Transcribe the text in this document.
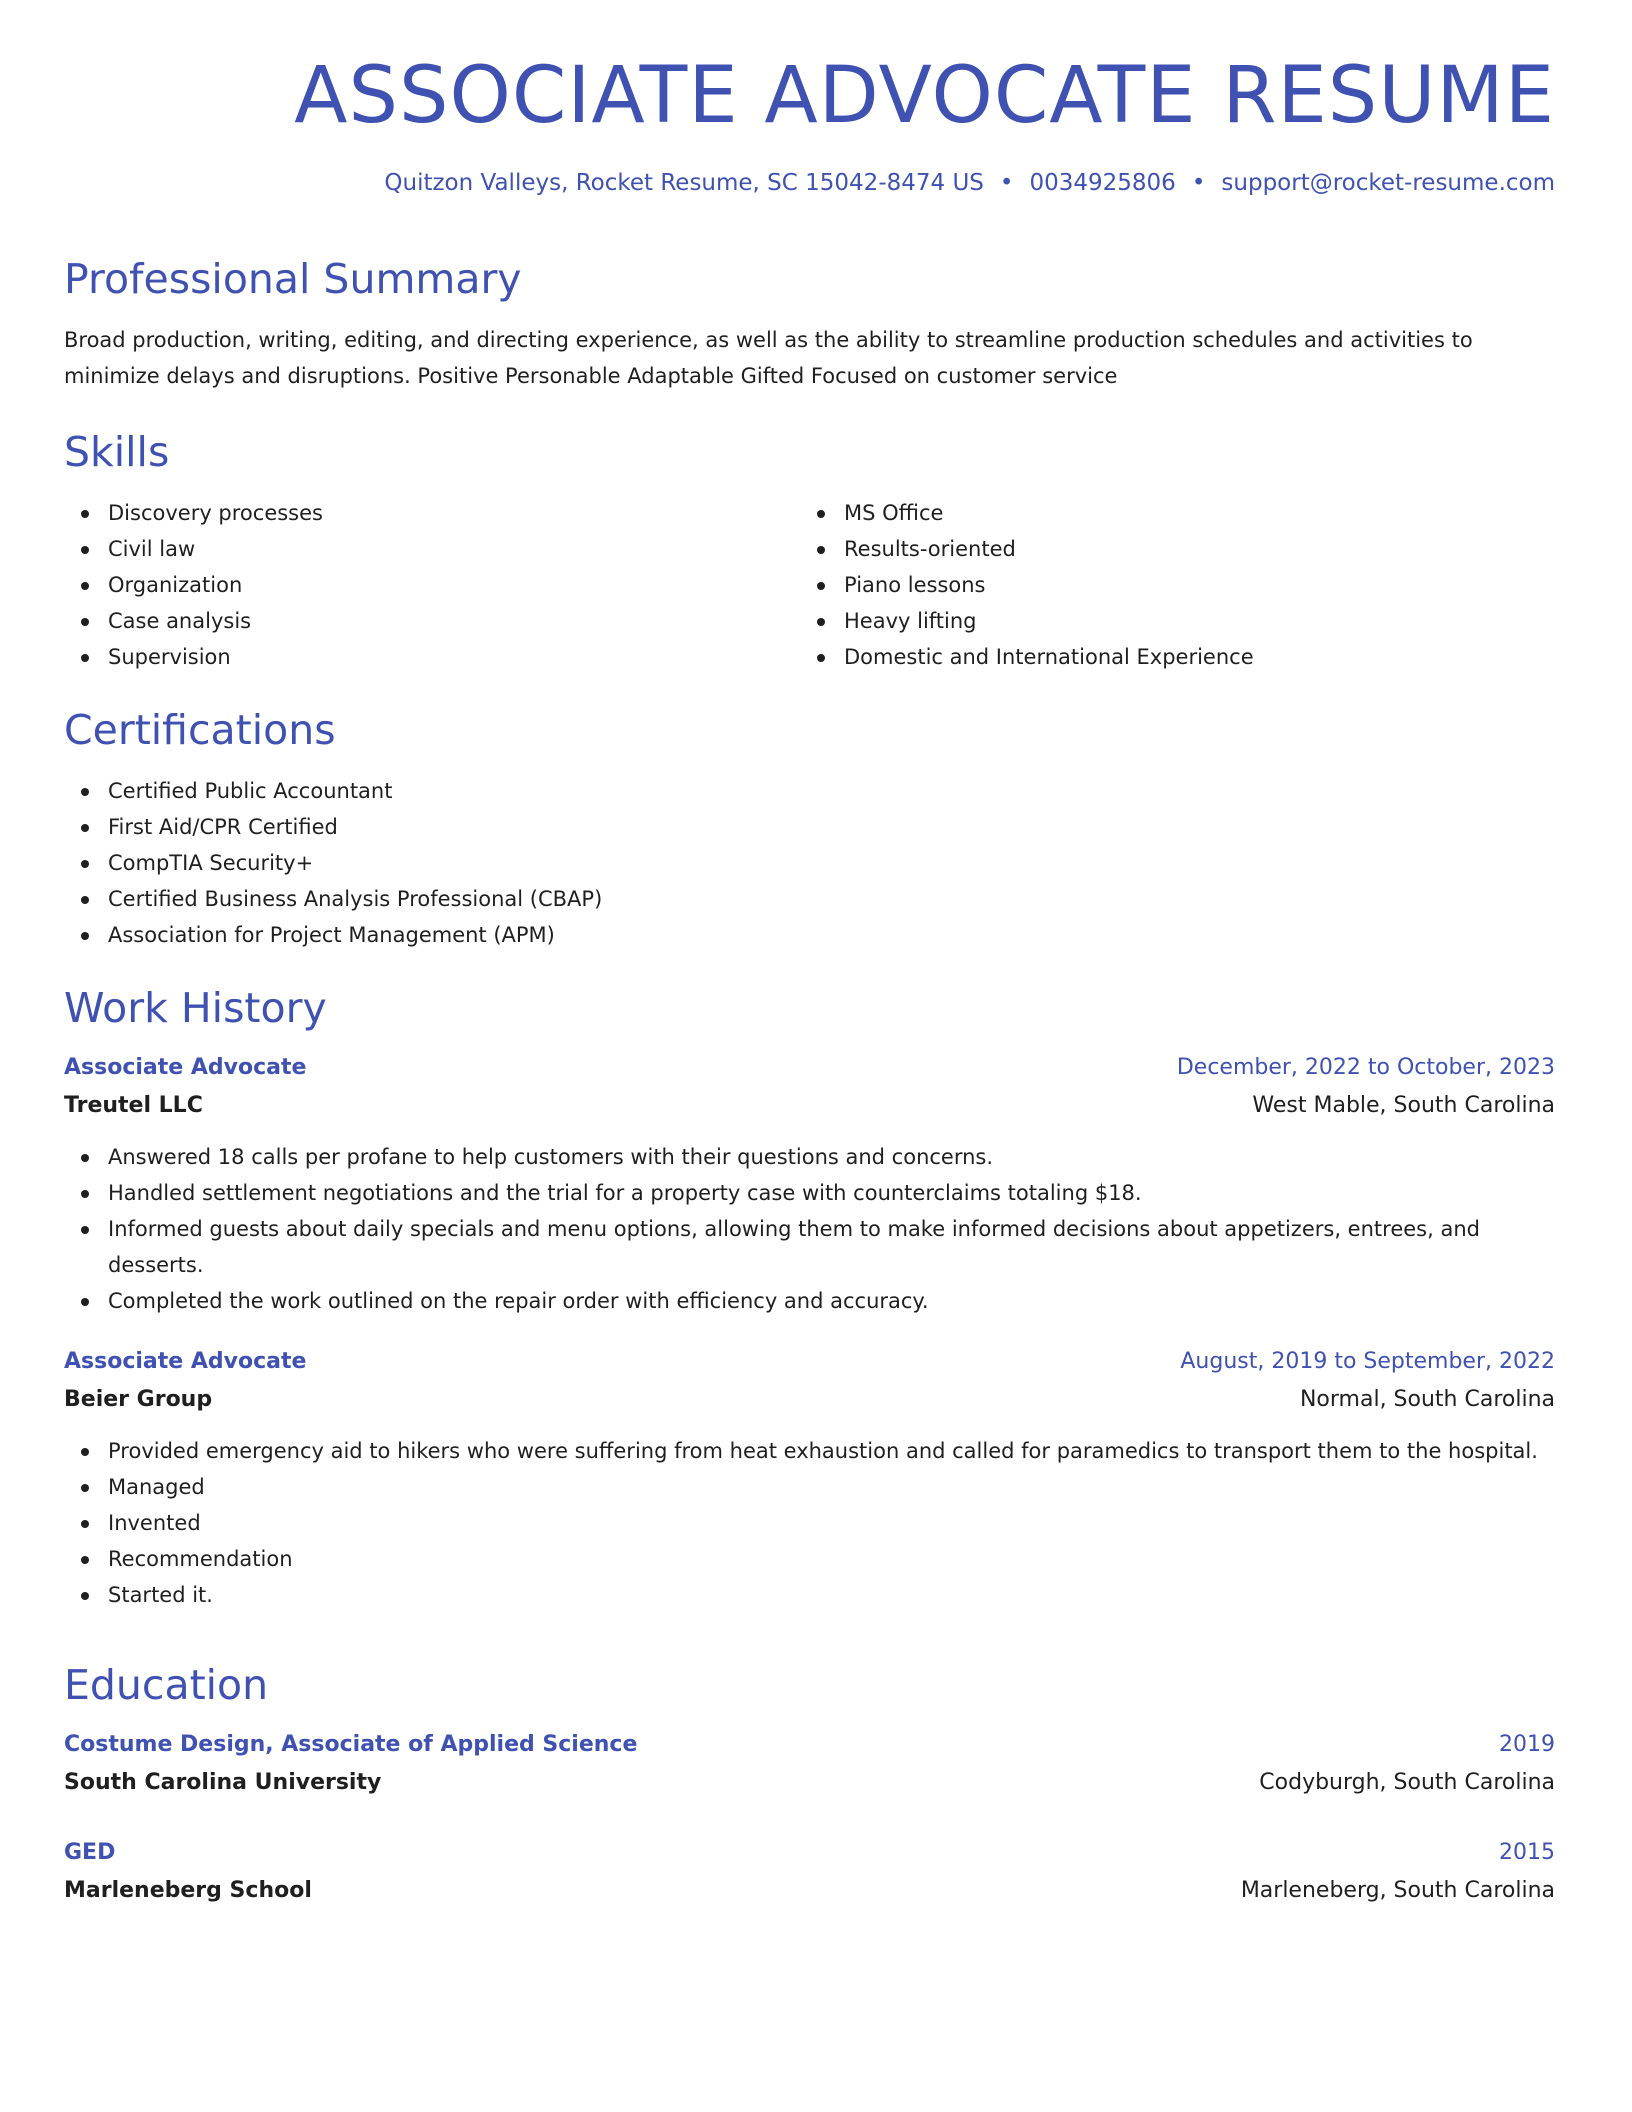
ASSOCIATE ADVOCATE RESUME
Quitzon Valleys, Rocket Resume, SC 15042-8474 US • 0034925806 • support@rocket-resume.com
Professional Summary
Broad production, writing, editing, and directing experience, as well as the ability to streamline production schedules and activities to minimize delays and disruptions. Positive Personable Adaptable Gifted Focused on customer service
Skills
Discovery processes
Civil law
Organization
Case analysis
Supervision
MS Office
Results-oriented
Piano lessons
Heavy lifting
Domestic and International Experience
Certifications
Certified Public Accountant
First Aid/CPR Certified
CompTIA Security+
Certified Business Analysis Professional (CBAP)
Association for Project Management (APM)
Work History
Associate Advocate	December, 2022 to October, 2023
Treutel LLC	West Mable, South Carolina
Answered 18 calls per profane to help customers with their questions and concerns.
Handled settlement negotiations and the trial for a property case with counterclaims totaling $18.
Informed guests about daily specials and menu options, allowing them to make informed decisions about appetizers, entrees, and desserts.
Completed the work outlined on the repair order with efficiency and accuracy.
Associate Advocate	August, 2019 to September, 2022
Beier Group	Normal, South Carolina
Provided emergency aid to hikers who were suffering from heat exhaustion and called for paramedics to transport them to the hospital.
Managed
Invented
Recommendation
Started it.
Education
Costume Design, Associate of Applied Science	2019
South Carolina University	Codyburgh, South Carolina
GED	2015
Marleneberg School	Marleneberg, South Carolina
